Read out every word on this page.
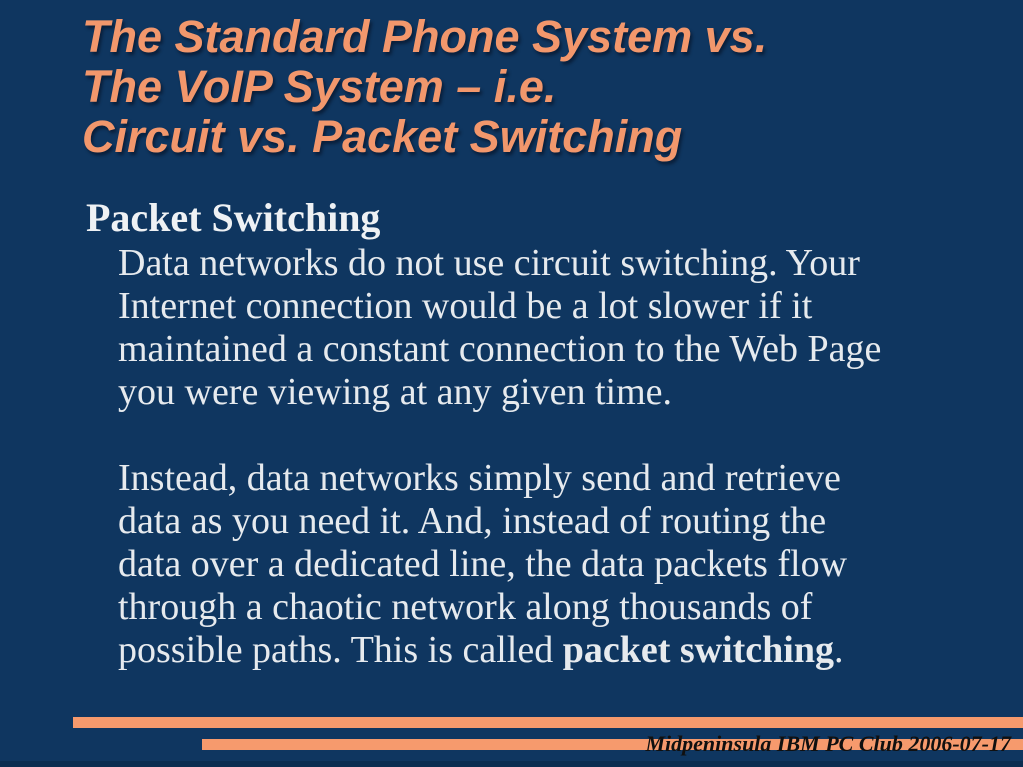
The Standard Phone System vs.
The VoIP System – i.e.
Circuit vs. Packet Switching
Packet Switching
Data networks do not use circuit switching. Your
Internet connection would be a lot slower if it
maintained a constant connection to the Web Page
you were viewing at any given time.
Instead, data networks simply send and retrieve
data as you need it. And, instead of routing the
data over a dedicated line, the data packets flow
through a chaotic network along thousands of
possible paths. This is called packet switching.
Midpeninsula IBM PC Club 2006-07-17
